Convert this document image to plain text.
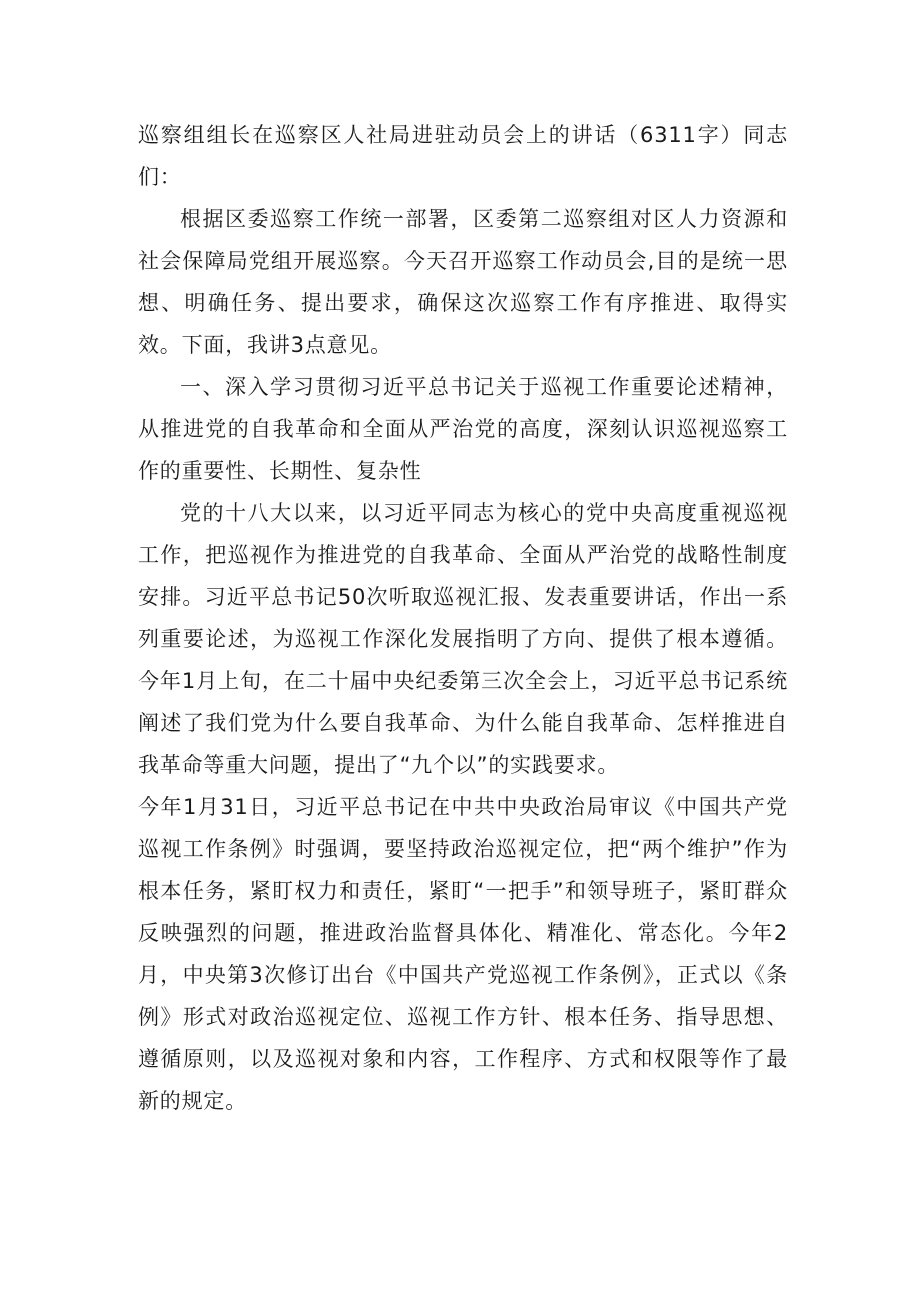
巡察组组长在巡察区人社局进驻动员会上的讲话（6311字）同志们：

根据区委巡察工作统一部署，区委第二巡察组对区人力资源和社会保障局党组开展巡察。今天召开巡察工作动员会,目的是统一思想、明确任务、提出要求，确保这次巡察工作有序推进、取得实效。下面，我讲3点意见。

一、深入学习贯彻习近平总书记关于巡视工作重要论述精神，从推进党的自我革命和全面从严治党的高度，深刻认识巡视巡察工作的重要性、长期性、复杂性

党的十八大以来，以习近平同志为核心的党中央高度重视巡视工作，把巡视作为推进党的自我革命、全面从严治党的战略性制度安排。习近平总书记50次听取巡视汇报、发表重要讲话，作出一系列重要论述，为巡视工作深化发展指明了方向、提供了根本遵循。今年1月上旬，在二十届中央纪委第三次全会上，习近平总书记系统阐述了我们党为什么要自我革命、为什么能自我革命、怎样推进自我革命等重大问题，提出了“九个以”的实践要求。

今年1月31日，习近平总书记在中共中央政治局审议《中国共产党巡视工作条例》时强调，要坚持政治巡视定位，把“两个维护”作为根本任务，紧盯权力和责任，紧盯“一把手”和领导班子，紧盯群众反映强烈的问题，推进政治监督具体化、精准化、常态化。今年2月，中央第3次修订出台《中国共产党巡视工作条例》，正式以《条例》形式对政治巡视定位、巡视工作方针、根本任务、指导思想、遵循原则，以及巡视对象和内容，工作程序、方式和权限等作了最新的规定。
